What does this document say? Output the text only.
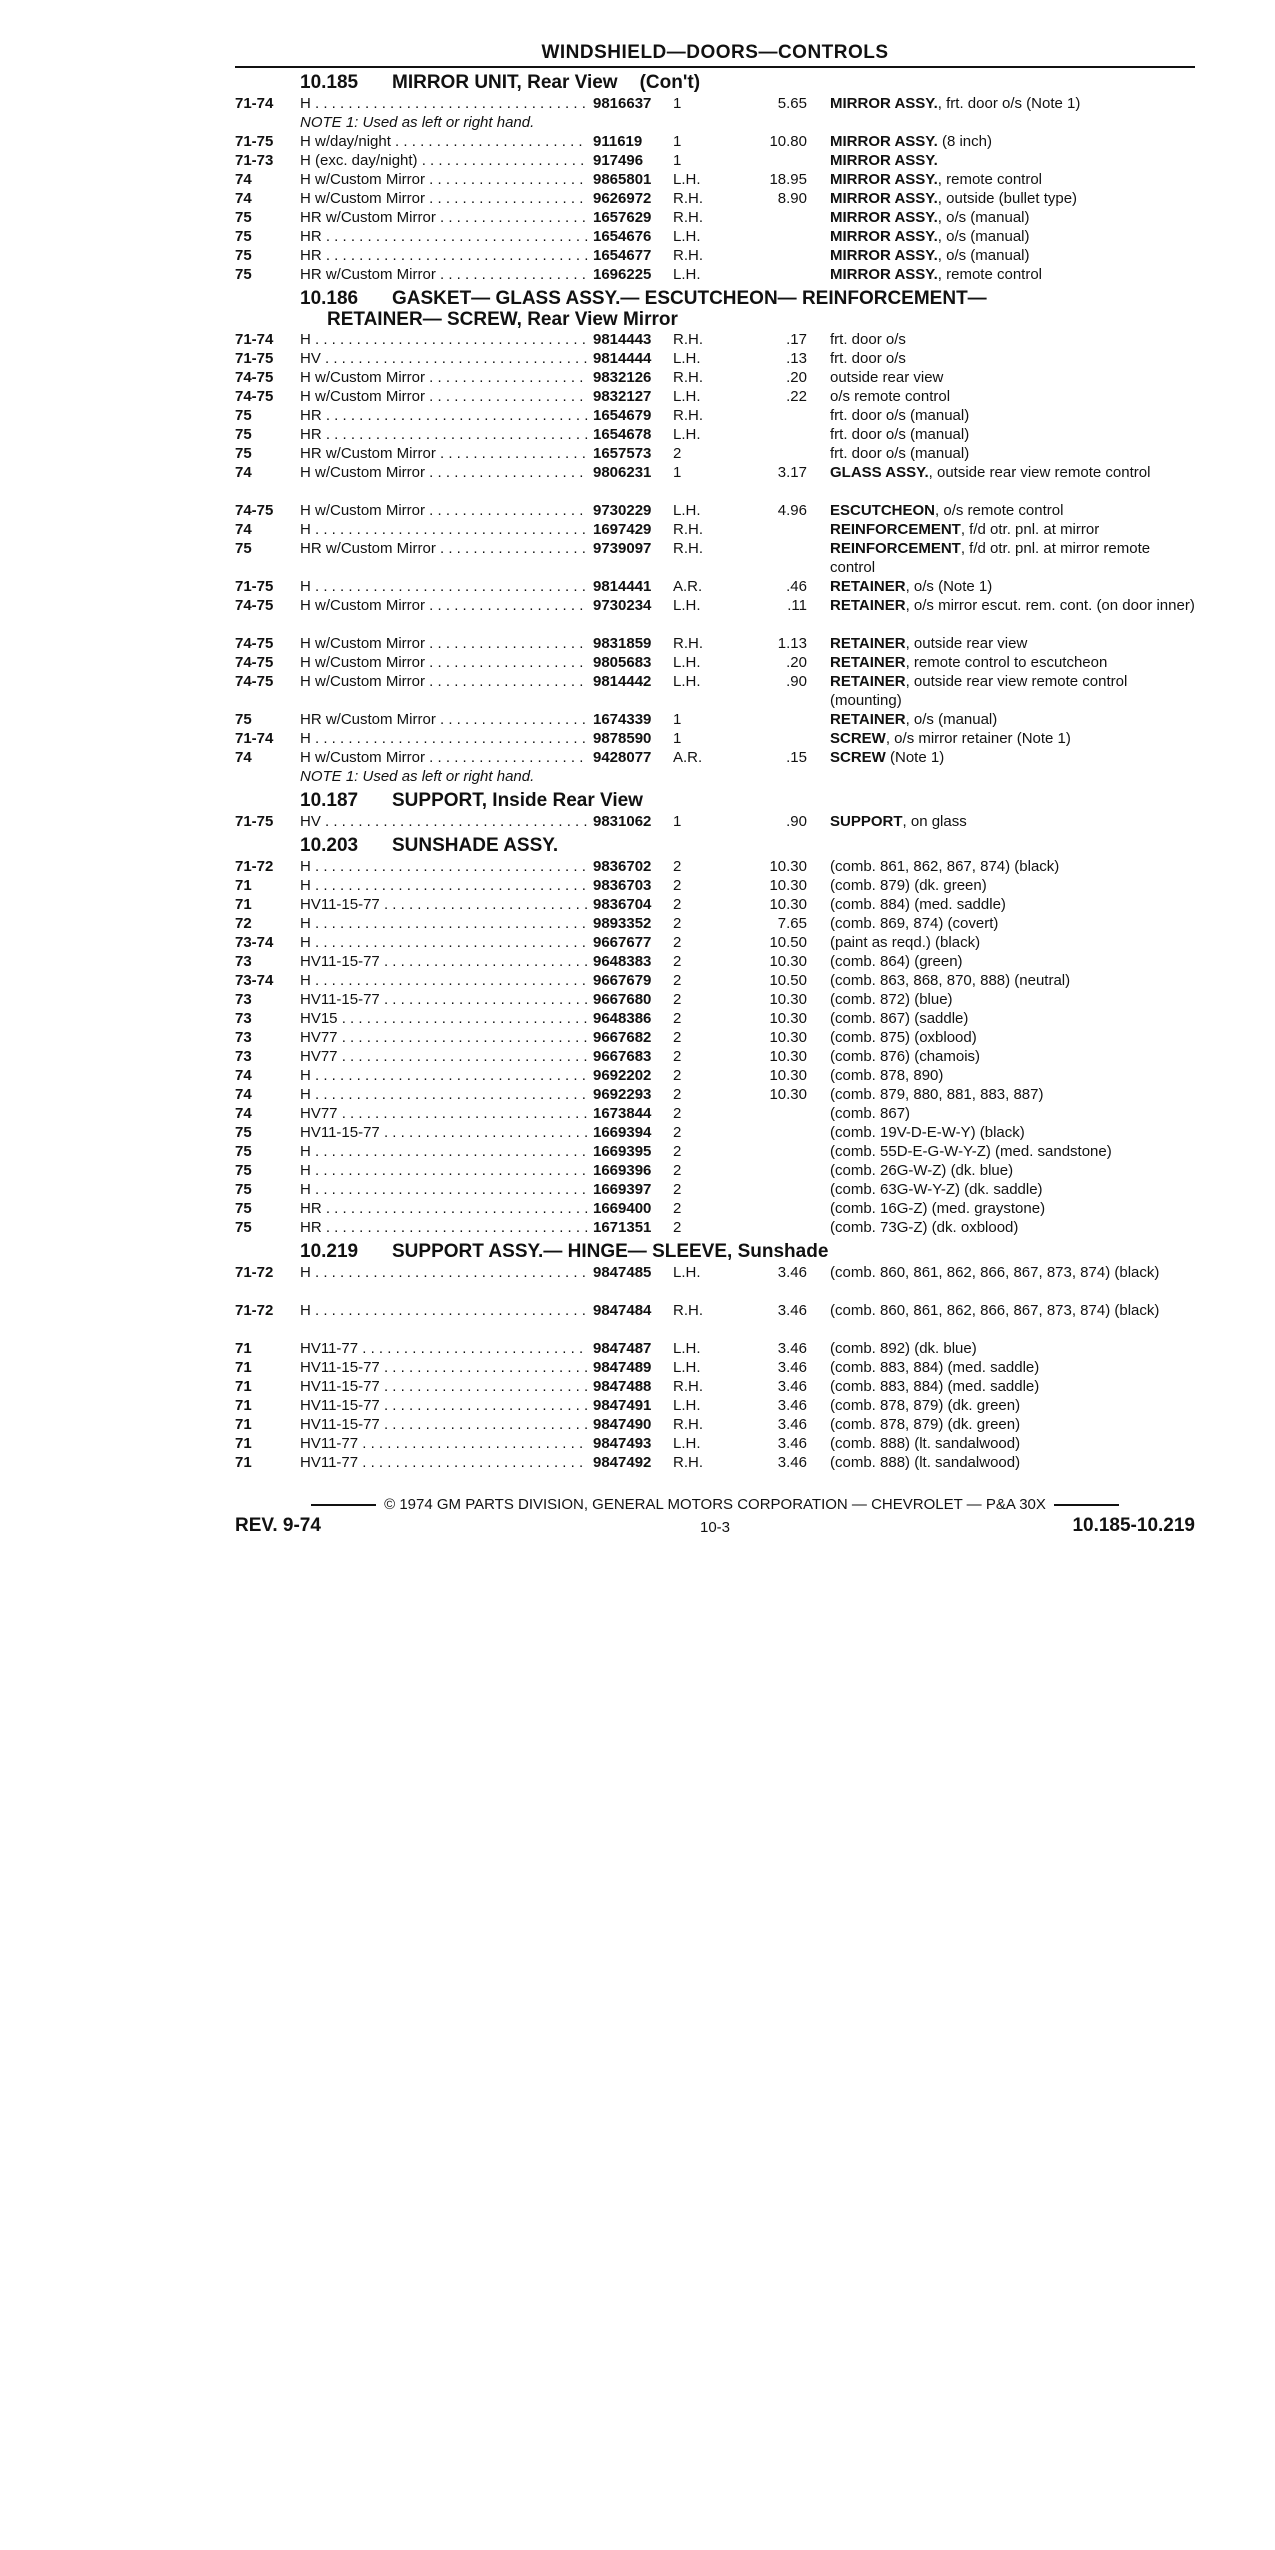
WINDSHIELD—DOORS—CONTROLS
10.185 MIRROR UNIT, Rear View (Con't)
71-74	H . . .	9816637	1	5.65 MIRROR ASSY., frt. door o/s (Note 1)
NOTE 1: Used as left or right hand.
71-75	H w/day/night . . .	911619	1	10.80 MIRROR ASSY. (8 inch)
71-73	H (exc. day/night) . . .	917496	1	MIRROR ASSY.
74	H w/Custom Mirror . . .	9865801	L.H.	18.95 MIRROR ASSY., remote control
74	H w/Custom Mirror . . .	9626972	R.H.	8.90 MIRROR ASSY., outside (bullet type)
75	HR w/Custom Mirror . . .	1657629	R.H.	MIRROR ASSY., o/s (manual)
75	HR . . .	1654676	L.H.	MIRROR ASSY., o/s (manual)
75	HR . . .	1654677	R.H.	MIRROR ASSY., o/s (manual)
75	HR w/Custom Mirror . . .	1696225	L.H.	MIRROR ASSY., remote control
10.186 GASKET— GLASS ASSY.— ESCUTCHEON— REINFORCEMENT—
RETAINER— SCREW, Rear View Mirror
71-74	H . . .	9814443	R.H.	.17 frt. door o/s
71-75	HV . . .	9814444	L.H.	.13 frt. door o/s
74-75	H w/Custom Mirror . . .	9832126	R.H.	.20 outside rear view
74-75	H w/Custom Mirror . . .	9832127	L.H.	.22 o/s remote control
75	HR . . .	1654679	R.H.	frt. door o/s (manual)
75	HR . . .	1654678	L.H.	frt. door o/s (manual)
75	HR w/Custom Mirror . . .	1657573	2	frt. door o/s (manual)
74	H w/Custom Mirror . . .	9806231	1	3.17 GLASS ASSY., outside rear view remote control
74-75	H w/Custom Mirror . . .	9730229	L.H.	4.96 ESCUTCHEON, o/s remote control
74	H . . .	1697429	R.H.	REINFORCEMENT, f/d otr. pnl. at mirror
75	HR w/Custom Mirror . . .	9739097	R.H.	REINFORCEMENT, f/d otr. pnl. at mirror remote control
71-75	H . . .	9814441	A.R.	.46 RETAINER, o/s (Note 1)
74-75	H w/Custom Mirror . . .	9730234	L.H.	.11 RETAINER, o/s mirror escut. rem. cont. (on door inner)
74-75	H w/Custom Mirror . . .	9831859	R.H.	1.13 RETAINER, outside rear view
74-75	H w/Custom Mirror . . .	9805683	L.H.	.20 RETAINER, remote control to escutcheon
74-75	H w/Custom Mirror . . .	9814442	L.H.	.90 RETAINER, outside rear view remote control (mounting)
75	HR w/Custom Mirror . . .	1674339	1	RETAINER, o/s (manual)
71-74	H . . .	9878590	1	SCREW, o/s mirror retainer (Note 1)
74	H w/Custom Mirror . . .	9428077	A.R.	.15 SCREW (Note 1)
NOTE 1: Used as left or right hand.
10.187 SUPPORT, Inside Rear View
71-75	HV . . .	9831062	1	.90 SUPPORT, on glass
10.203 SUNSHADE ASSY.
71-72	H . . .	9836702	2	10.30 (comb. 861, 862, 867, 874) (black)
71	H . . .	9836703	2	10.30 (comb. 879) (dk. green)
71	HV11-15-77 . . .	9836704	2	10.30 (comb. 884) (med. saddle)
72	H . . .	9893352	2	7.65 (comb. 869, 874) (covert)
73-74	H . . .	9667677	2	10.50 (paint as reqd.) (black)
73	HV11-15-77 . . .	9648383	2	10.30 (comb. 864) (green)
73-74	H . . .	9667679	2	10.50 (comb. 863, 868, 870, 888) (neutral)
73	HV11-15-77 . . .	9667680	2	10.30 (comb. 872) (blue)
73	HV15 . . .	9648386	2	10.30 (comb. 867) (saddle)
73	HV77 . . .	9667682	2	10.30 (comb. 875) (oxblood)
73	HV77 . . .	9667683	2	10.30 (comb. 876) (chamois)
74	H . . .	9692202	2	10.30 (comb. 878, 890)
74	H . . .	9692293	2	10.30 (comb. 879, 880, 881, 883, 887)
74	HV77 . . .	1673844	2	(comb. 867)
75	HV11-15-77 . . .	1669394	2	(comb. 19V-D-E-W-Y) (black)
75	H . . .	1669395	2	(comb. 55D-E-G-W-Y-Z) (med. sandstone)
75	H . . .	1669396	2	(comb. 26G-W-Z) (dk. blue)
75	H . . .	1669397	2	(comb. 63G-W-Y-Z) (dk. saddle)
75	HR . . .	1669400	2	(comb. 16G-Z) (med. graystone)
75	HR . . .	1671351	2	(comb. 73G-Z) (dk. oxblood)
10.219 SUPPORT ASSY.— HINGE— SLEEVE, Sunshade
71-72	H . . .	9847485	L.H.	3.46 (comb. 860, 861, 862, 866, 867, 873, 874) (black)
71-72	H . . .	9847484	R.H.	3.46 (comb. 860, 861, 862, 866, 867, 873, 874) (black)
71	HV11-77 . . .	9847487	L.H.	3.46 (comb. 892) (dk. blue)
71	HV11-15-77 . . .	9847489	L.H.	3.46 (comb. 883, 884) (med. saddle)
71	HV11-15-77 . . .	9847488	R.H.	3.46 (comb. 883, 884) (med. saddle)
71	HV11-15-77 . . .	9847491	L.H.	3.46 (comb. 878, 879) (dk. green)
71	HV11-15-77 . . .	9847490	R.H.	3.46 (comb. 878, 879) (dk. green)
71	HV11-77 . . .	9847493	L.H.	3.46 (comb. 888) (lt. sandalwood)
71	HV11-77 . . .	9847492	R.H.	3.46 (comb. 888) (lt. sandalwood)
© 1974 GM PARTS DIVISION, GENERAL MOTORS CORPORATION — CHEVROLET — P&A 30X
REV. 9-74	10-3	10.185-10.219
